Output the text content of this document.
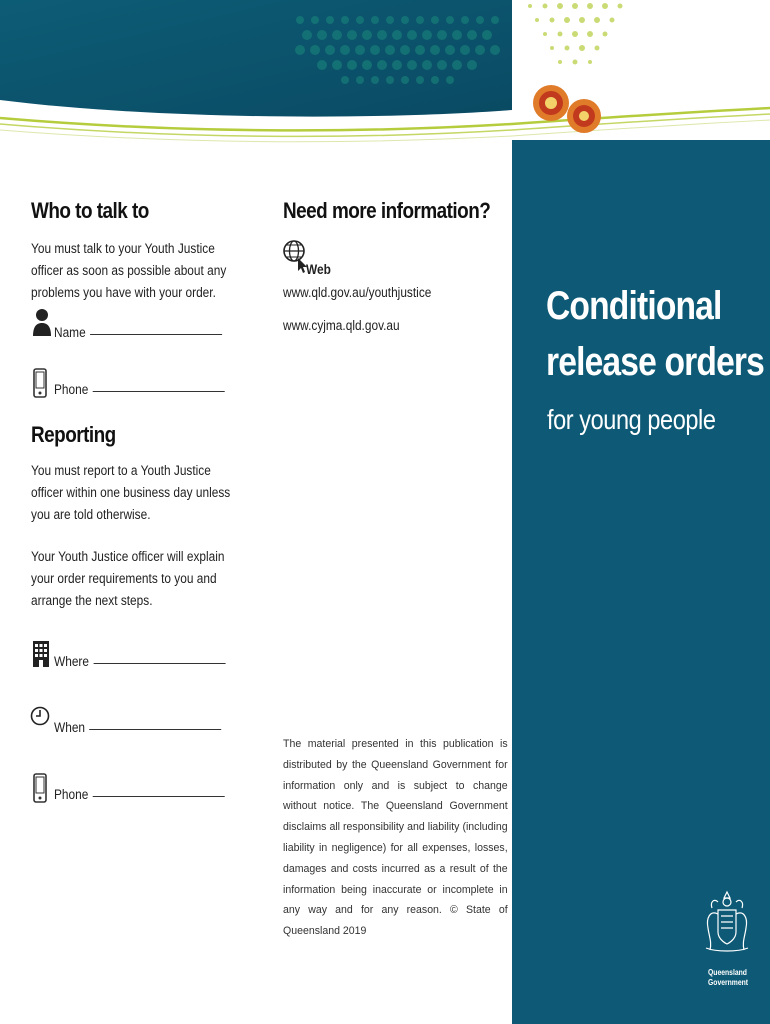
Who to talk to
You must talk to your Youth Justice officer as soon as possible about any problems you have with your order.
Name
Phone
Reporting
You must report to a Youth Justice officer within one business day unless you are told otherwise.
Your Youth Justice officer will explain your order requirements to you and arrange the next steps.
Where
When
Phone
Need more information?
Web
www.qld.gov.au/youthjustice
www.cyjma.qld.gov.au
The material presented in this publication is distributed by the Queensland Government for information only and is subject to change without notice. The Queensland Government disclaims all responsibility and liability (including liability in negligence) for all expenses, losses, damages and costs incurred as a result of the information being inaccurate or incomplete in any way and for any reason. © State of Queensland 2019
Conditional
release orders
for young people
Queensland
Government
